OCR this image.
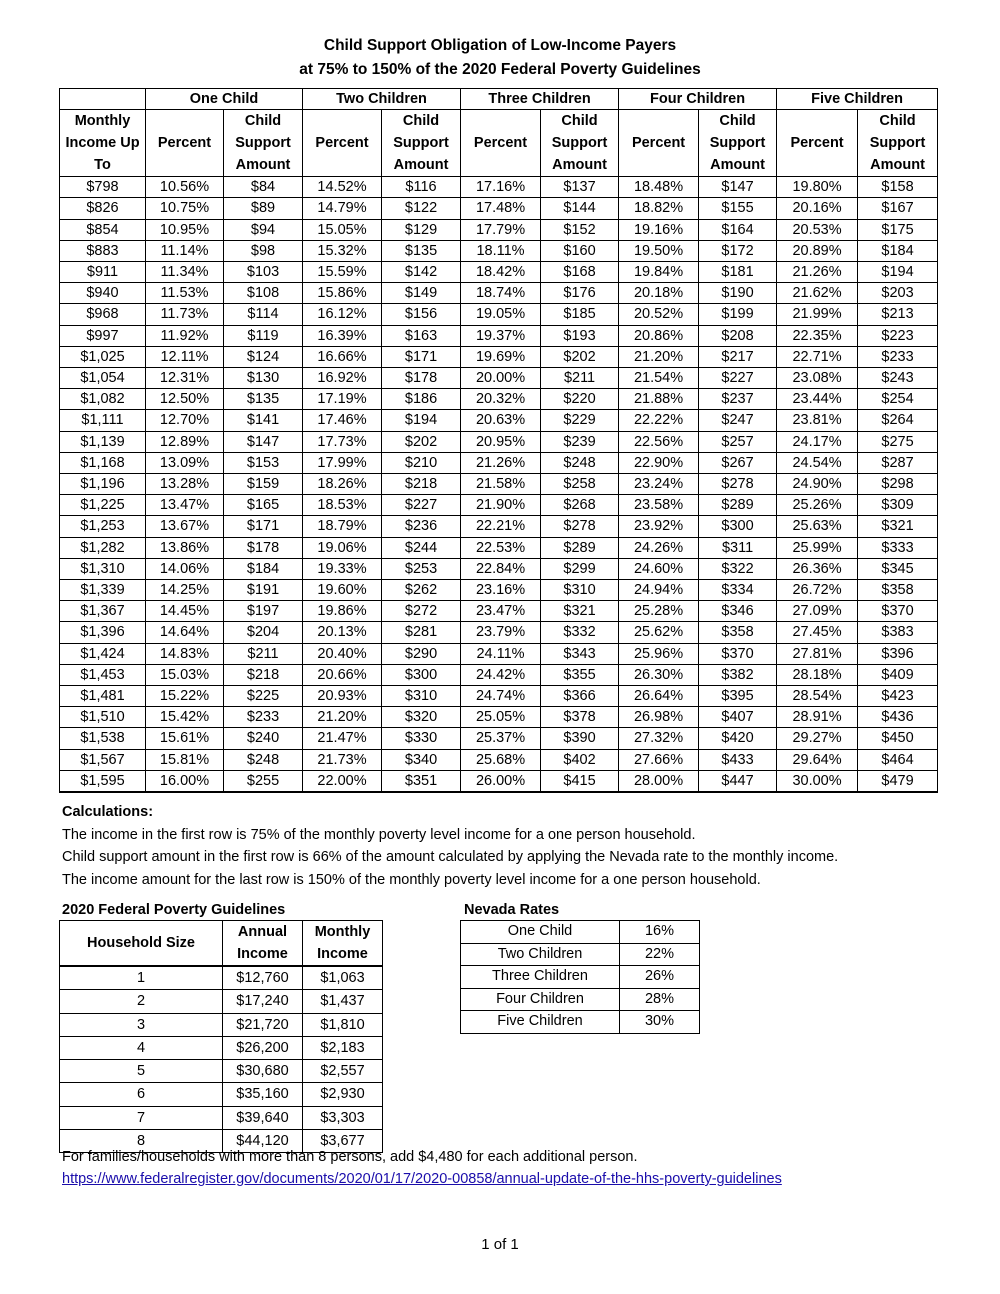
Child Support Obligation of Low-Income Payers
at 75% to 150% of the 2020 Federal Poverty Guidelines
	One Child		Two Children		Three Children		Four Children		Five Children	
Monthly Income Up To	Percent	Child Support Amount	Percent	Child Support Amount	Percent	Child Support Amount	Percent	Child Support Amount	Percent	Child Support Amount
$798	10.56%	$84	14.52%	$116	17.16%	$137	18.48%	$147	19.80%	$158
$826	10.75%	$89	14.79%	$122	17.48%	$144	18.82%	$155	20.16%	$167
$854	10.95%	$94	15.05%	$129	17.79%	$152	19.16%	$164	20.53%	$175
$883	11.14%	$98	15.32%	$135	18.11%	$160	19.50%	$172	20.89%	$184
$911	11.34%	$103	15.59%	$142	18.42%	$168	19.84%	$181	21.26%	$194
$940	11.53%	$108	15.86%	$149	18.74%	$176	20.18%	$190	21.62%	$203
$968	11.73%	$114	16.12%	$156	19.05%	$185	20.52%	$199	21.99%	$213
$997	11.92%	$119	16.39%	$163	19.37%	$193	20.86%	$208	22.35%	$223
$1,025	12.11%	$124	16.66%	$171	19.69%	$202	21.20%	$217	22.71%	$233
$1,054	12.31%	$130	16.92%	$178	20.00%	$211	21.54%	$227	23.08%	$243
$1,082	12.50%	$135	17.19%	$186	20.32%	$220	21.88%	$237	23.44%	$254
$1,111	12.70%	$141	17.46%	$194	20.63%	$229	22.22%	$247	23.81%	$264
$1,139	12.89%	$147	17.73%	$202	20.95%	$239	22.56%	$257	24.17%	$275
$1,168	13.09%	$153	17.99%	$210	21.26%	$248	22.90%	$267	24.54%	$287
$1,196	13.28%	$159	18.26%	$218	21.58%	$258	23.24%	$278	24.90%	$298
$1,225	13.47%	$165	18.53%	$227	21.90%	$268	23.58%	$289	25.26%	$309
$1,253	13.67%	$171	18.79%	$236	22.21%	$278	23.92%	$300	25.63%	$321
$1,282	13.86%	$178	19.06%	$244	22.53%	$289	24.26%	$311	25.99%	$333
$1,310	14.06%	$184	19.33%	$253	22.84%	$299	24.60%	$322	26.36%	$345
$1,339	14.25%	$191	19.60%	$262	23.16%	$310	24.94%	$334	26.72%	$358
$1,367	14.45%	$197	19.86%	$272	23.47%	$321	25.28%	$346	27.09%	$370
$1,396	14.64%	$204	20.13%	$281	23.79%	$332	25.62%	$358	27.45%	$383
$1,424	14.83%	$211	20.40%	$290	24.11%	$343	25.96%	$370	27.81%	$396
$1,453	15.03%	$218	20.66%	$300	24.42%	$355	26.30%	$382	28.18%	$409
$1,481	15.22%	$225	20.93%	$310	24.74%	$366	26.64%	$395	28.54%	$423
$1,510	15.42%	$233	21.20%	$320	25.05%	$378	26.98%	$407	28.91%	$436
$1,538	15.61%	$240	21.47%	$330	25.37%	$390	27.32%	$420	29.27%	$450
$1,567	15.81%	$248	21.73%	$340	25.68%	$402	27.66%	$433	29.64%	$464
$1,595	16.00%	$255	22.00%	$351	26.00%	$415	28.00%	$447	30.00%	$479
Calculations:
The income in the first row is 75% of the monthly poverty level income for a one person household.
Child support amount in the first row is 66% of the amount calculated by applying the Nevada rate to the monthly income.
The income amount for the last row is 150% of the monthly poverty level income for a one person household.
2020 Federal Poverty Guidelines	Nevada Rates
Household Size	Annual Income	Monthly Income
1	$12,760	$1,063
2	$17,240	$1,437
3	$21,720	$1,810
4	$26,200	$2,183
5	$30,680	$2,557
6	$35,160	$2,930
7	$39,640	$3,303
8	$44,120	$3,677
One Child	16%
Two Children	22%
Three Children	26%
Four Children	28%
Five Children	30%
For families/households with more than 8 persons, add $4,480 for each additional person.
https://www.federalregister.gov/documents/2020/01/17/2020-00858/annual-update-of-the-hhs-poverty-guidelines
1 of 1
